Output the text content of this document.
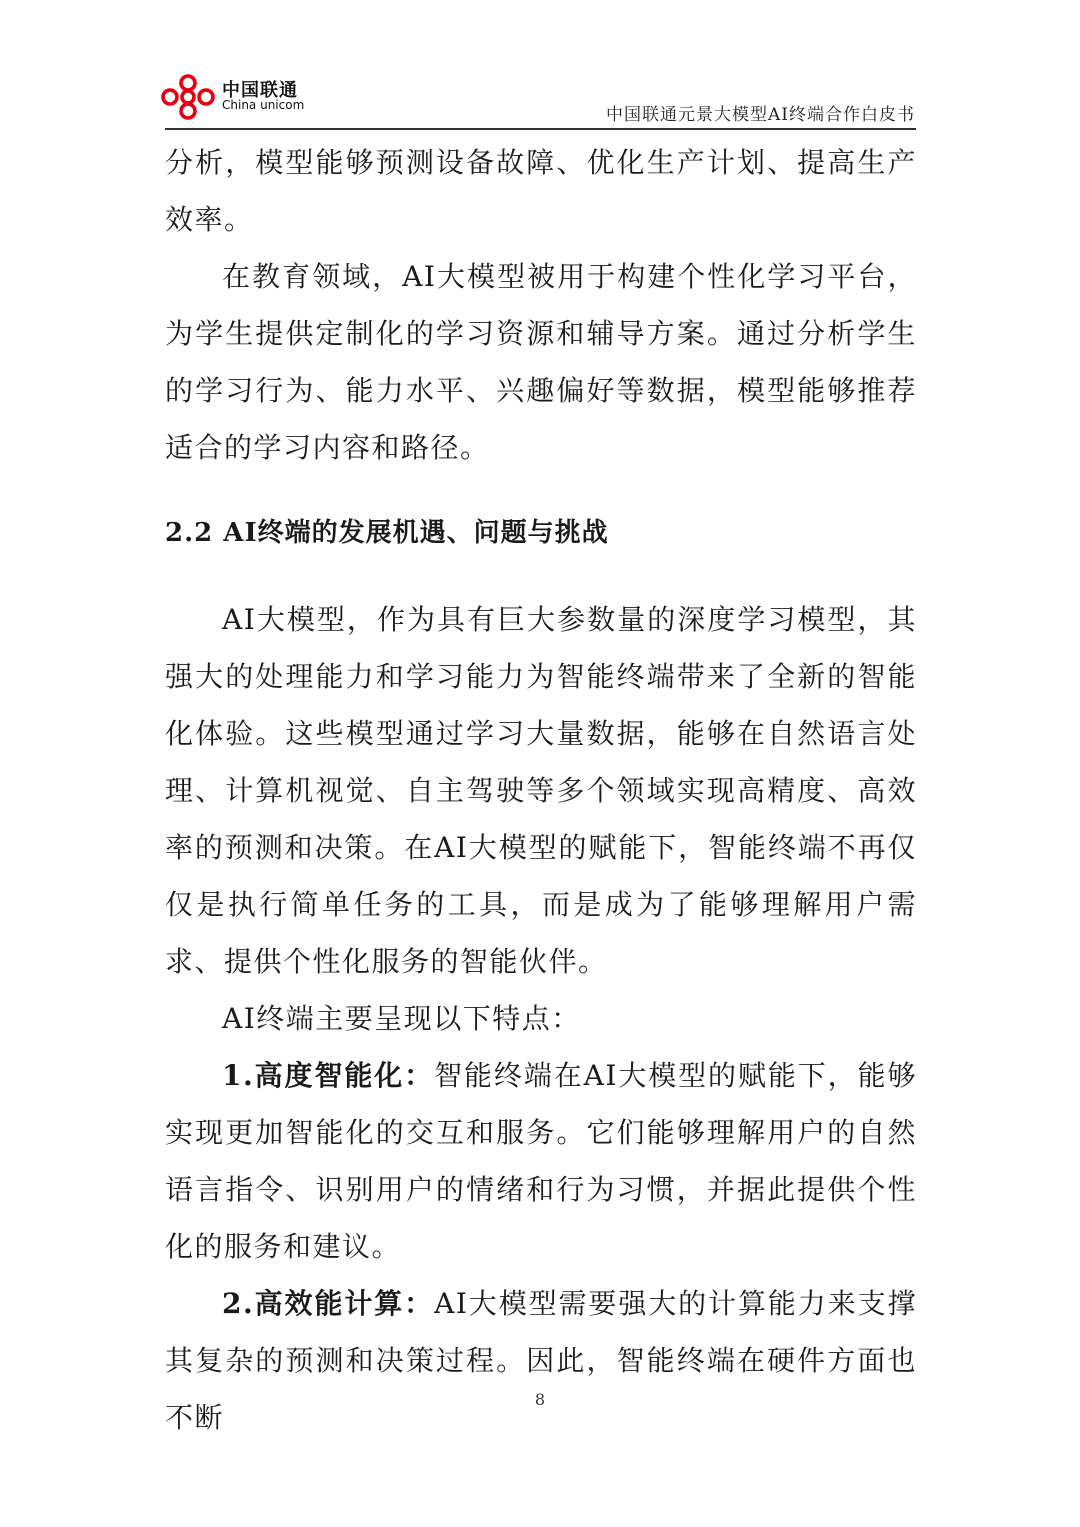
中国联通
China unicom	中国联通元景大模型AI终端合作白皮书

分析，模型能够预测设备故障、优化生产计划、提高生产效率。

在教育领域，AI大模型被用于构建个性化学习平台，为学生提供定制化的学习资源和辅导方案。通过分析学生的学习行为、能力水平、兴趣偏好等数据，模型能够推荐适合的学习内容和路径。

2.2 AI终端的发展机遇、问题与挑战

AI大模型，作为具有巨大参数量的深度学习模型，其强大的处理能力和学习能力为智能终端带来了全新的智能化体验。这些模型通过学习大量数据，能够在自然语言处理、计算机视觉、自主驾驶等多个领域实现高精度、高效率的预测和决策。在AI大模型的赋能下，智能终端不再仅仅是执行简单任务的工具，而是成为了能够理解用户需求、提供个性化服务的智能伙伴。

AI终端主要呈现以下特点：

1.高度智能化：智能终端在AI大模型的赋能下，能够实现更加智能化的交互和服务。它们能够理解用户的自然语言指令、识别用户的情绪和行为习惯，并据此提供个性化的服务和建议。

2.高效能计算：AI大模型需要强大的计算能力来支撑其复杂的预测和决策过程。因此，智能终端在硬件方面也不断

8
